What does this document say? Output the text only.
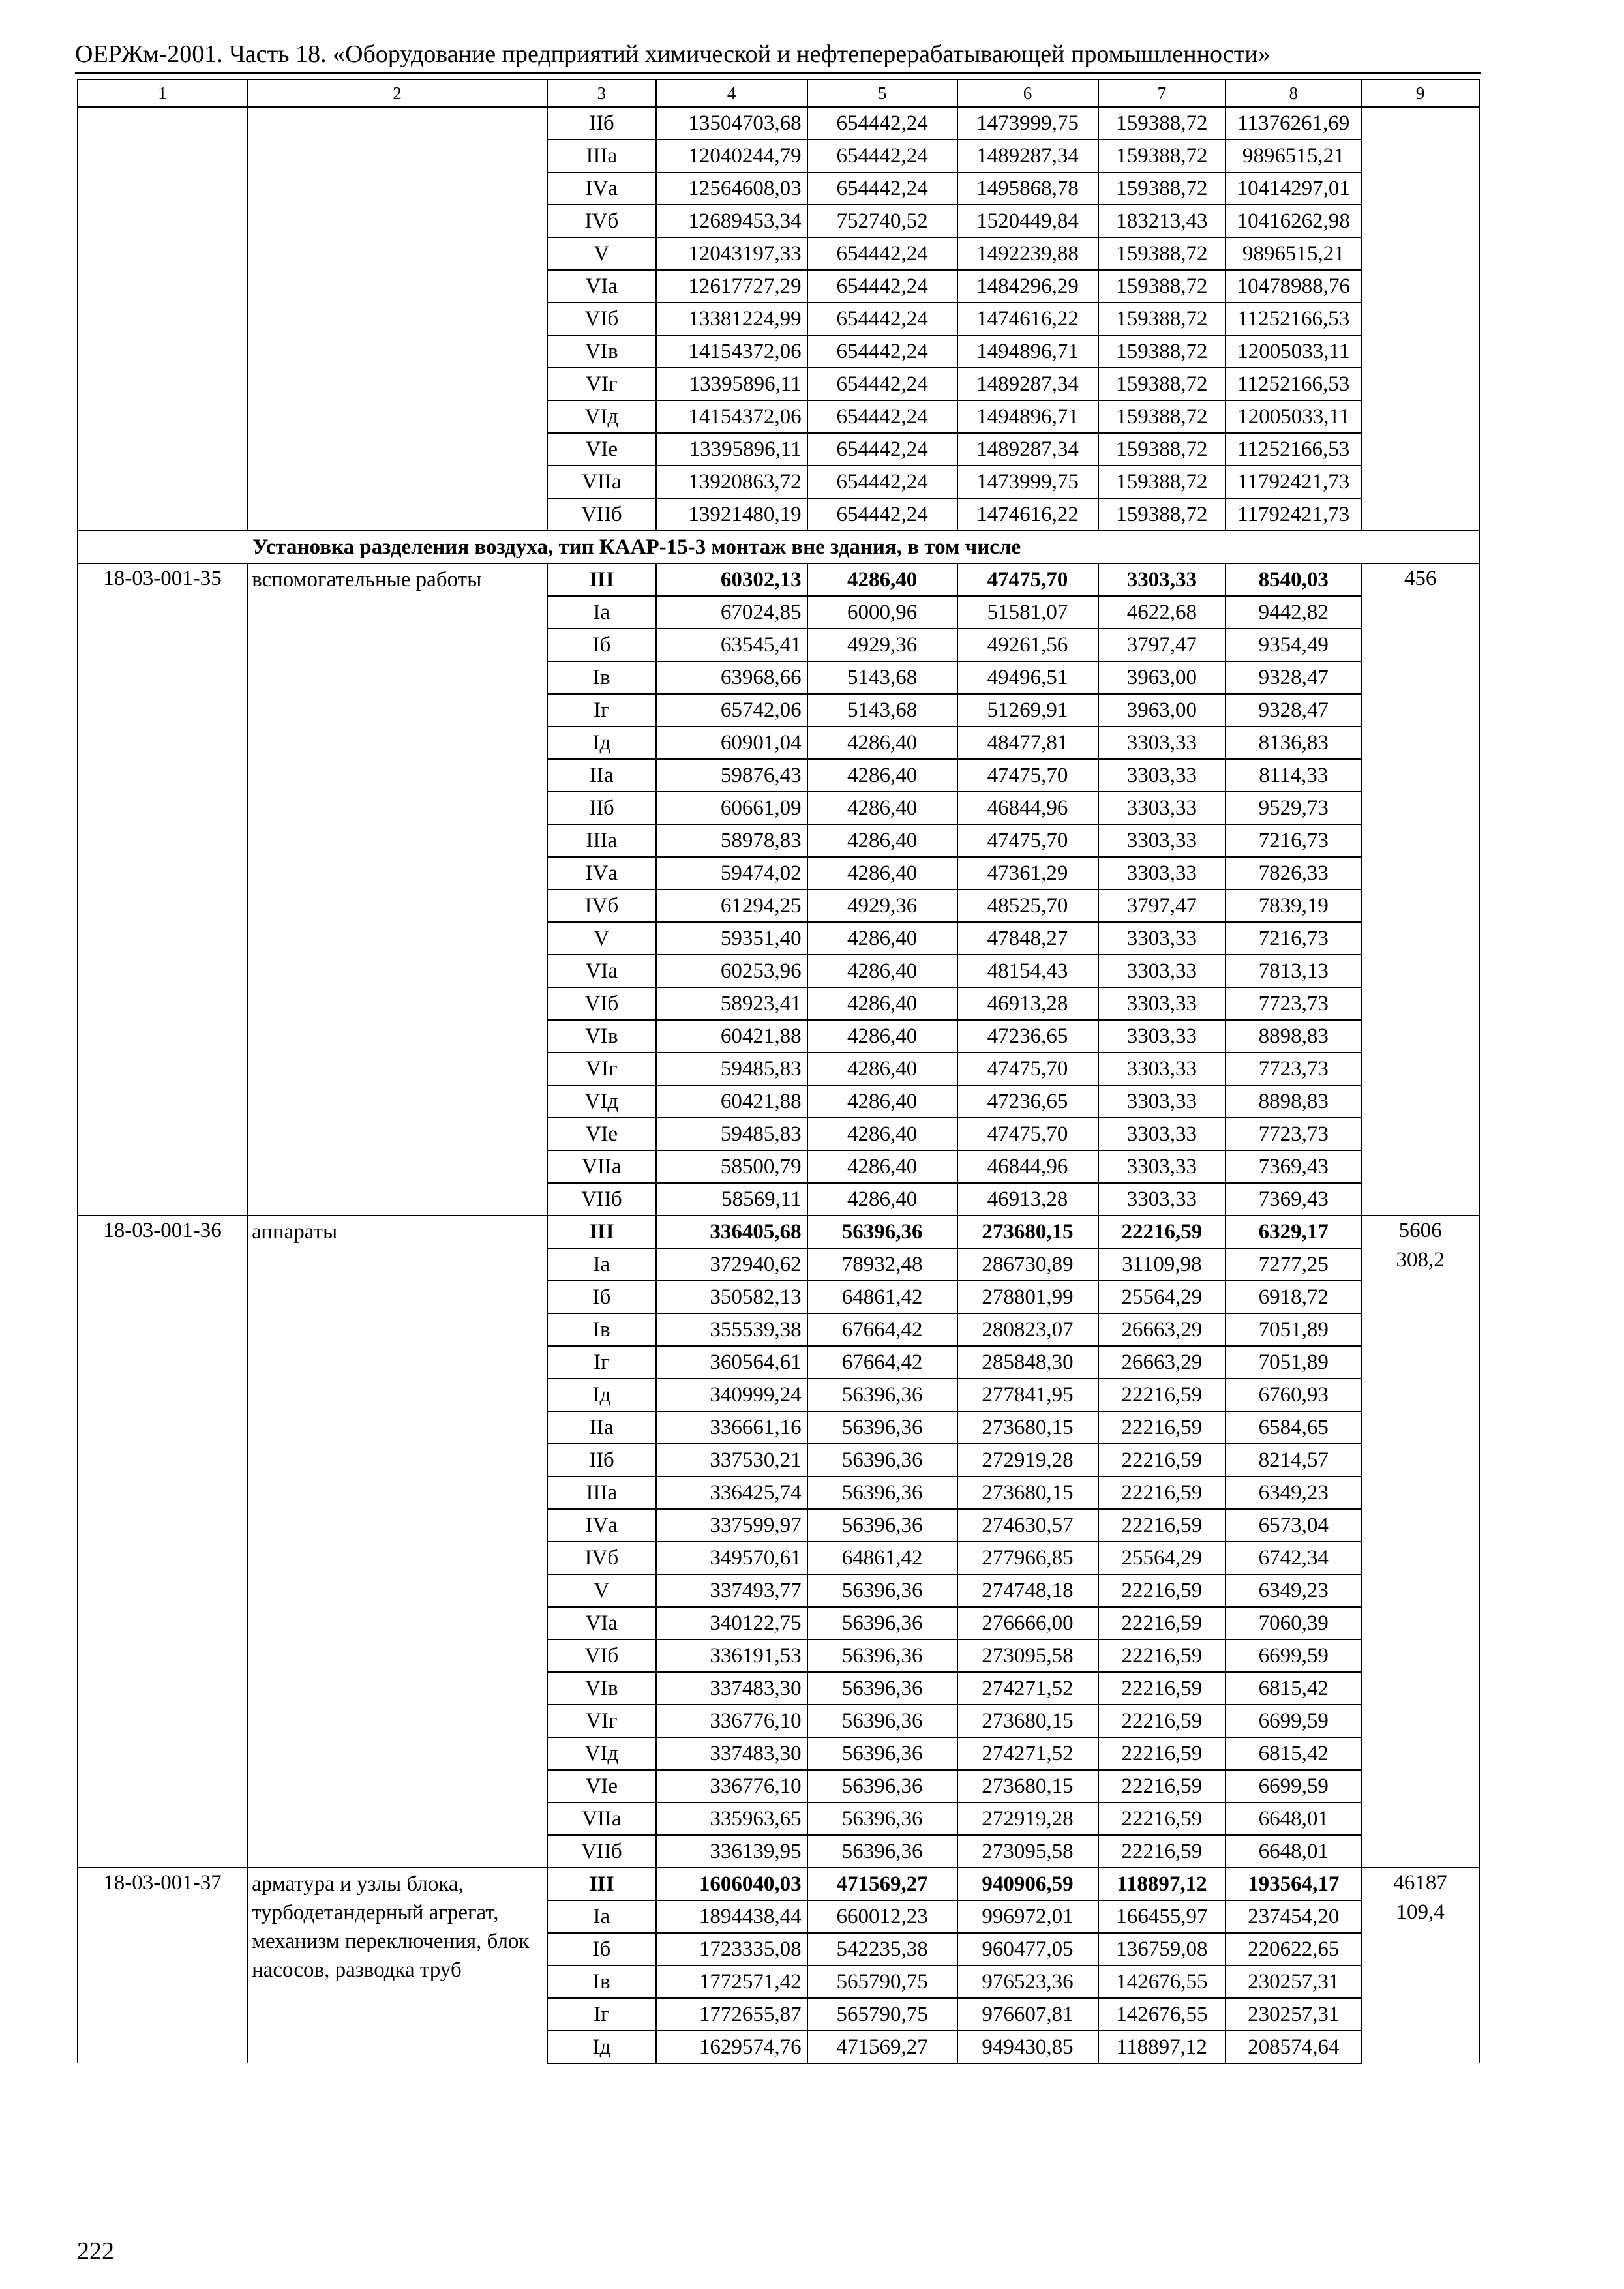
ОЕРЖм-2001. Часть 18. «Оборудование предприятий химической и нефтеперерабатывающей промышленности»
1	2	3	4	5	6	7	8	9
		IIб	13504703,68	654442,24	1473999,75	159388,72	11376261,69	
		IIIа	12040244,79	654442,24	1489287,34	159388,72	9896515,21	
		IVа	12564608,03	654442,24	1495868,78	159388,72	10414297,01	
		IVб	12689453,34	752740,52	1520449,84	183213,43	10416262,98	
		V	12043197,33	654442,24	1492239,88	159388,72	9896515,21	
		VIа	12617727,29	654442,24	1484296,29	159388,72	10478988,76	
		VIб	13381224,99	654442,24	1474616,22	159388,72	11252166,53	
		VIв	14154372,06	654442,24	1494896,71	159388,72	12005033,11	
		VIг	13395896,11	654442,24	1489287,34	159388,72	11252166,53	
		VIд	14154372,06	654442,24	1494896,71	159388,72	12005033,11	
		VIе	13395896,11	654442,24	1489287,34	159388,72	11252166,53	
		VIIа	13920863,72	654442,24	1473999,75	159388,72	11792421,73	
		VIIб	13921480,19	654442,24	1474616,22	159388,72	11792421,73	
	Установка разделения воздуха, тип КААР-15-3 монтаж вне здания, в том числе							
18-03-001-35	вспомогательные работы	III	60302,13	4286,40	47475,70	3303,33	8540,03	456

		Iа	67024,85	6000,96	51581,07	4622,68	9442,82	
		Iб	63545,41	4929,36	49261,56	3797,47	9354,49	
		Iв	63968,66	5143,68	49496,51	3963,00	9328,47	
		Iг	65742,06	5143,68	51269,91	3963,00	9328,47	
		Iд	60901,04	4286,40	48477,81	3303,33	8136,83	
		IIа	59876,43	4286,40	47475,70	3303,33	8114,33	
		IIб	60661,09	4286,40	46844,96	3303,33	9529,73	
		IIIа	58978,83	4286,40	47475,70	3303,33	7216,73	
		IVа	59474,02	4286,40	47361,29	3303,33	7826,33	
		IVб	61294,25	4929,36	48525,70	3797,47	7839,19	
		V	59351,40	4286,40	47848,27	3303,33	7216,73	
		VIа	60253,96	4286,40	48154,43	3303,33	7813,13	
		VIб	58923,41	4286,40	46913,28	3303,33	7723,73	
		VIв	60421,88	4286,40	47236,65	3303,33	8898,83	
		VIг	59485,83	4286,40	47475,70	3303,33	7723,73	
		VIд	60421,88	4286,40	47236,65	3303,33	8898,83	
		VIе	59485,83	4286,40	47475,70	3303,33	7723,73	
		VIIа	58500,79	4286,40	46844,96	3303,33	7369,43	
		VIIб	58569,11	4286,40	46913,28	3303,33	7369,43	
18-03-001-36	аппараты	III	336405,68	56396,36	273680,15	22216,59	6329,17	5606
308,2

		Iа	372940,62	78932,48	286730,89	31109,98	7277,25	
		Iб	350582,13	64861,42	278801,99	25564,29	6918,72	
		Iв	355539,38	67664,42	280823,07	26663,29	7051,89	
		Iг	360564,61	67664,42	285848,30	26663,29	7051,89	
		Iд	340999,24	56396,36	277841,95	22216,59	6760,93	
		IIа	336661,16	56396,36	273680,15	22216,59	6584,65	
		IIб	337530,21	56396,36	272919,28	22216,59	8214,57	
		IIIа	336425,74	56396,36	273680,15	22216,59	6349,23	
		IVа	337599,97	56396,36	274630,57	22216,59	6573,04	
		IVб	349570,61	64861,42	277966,85	25564,29	6742,34	
		V	337493,77	56396,36	274748,18	22216,59	6349,23	
		VIа	340122,75	56396,36	276666,00	22216,59	7060,39	
		VIб	336191,53	56396,36	273095,58	22216,59	6699,59	
		VIв	337483,30	56396,36	274271,52	22216,59	6815,42	
		VIг	336776,10	56396,36	273680,15	22216,59	6699,59	
		VIд	337483,30	56396,36	274271,52	22216,59	6815,42	
		VIе	336776,10	56396,36	273680,15	22216,59	6699,59	
		VIIа	335963,65	56396,36	272919,28	22216,59	6648,01	
		VIIб	336139,95	56396,36	273095,58	22216,59	6648,01	
18-03-001-37	арматура и узлы блока, турбодетандерный агрегат, механизм переключения, блок насосов, разводка труб	III	1606040,03	471569,27	940906,59	118897,12	193564,17	46187
109,4

		Iа	1894438,44	660012,23	996972,01	166455,97	237454,20	
		Iб	1723335,08	542235,38	960477,05	136759,08	220622,65	
		Iв	1772571,42	565790,75	976523,36	142676,55	230257,31	
		Iг	1772655,87	565790,75	976607,81	142676,55	230257,31	
		Iд	1629574,76	471569,27	949430,85	118897,12	208574,64	
222
